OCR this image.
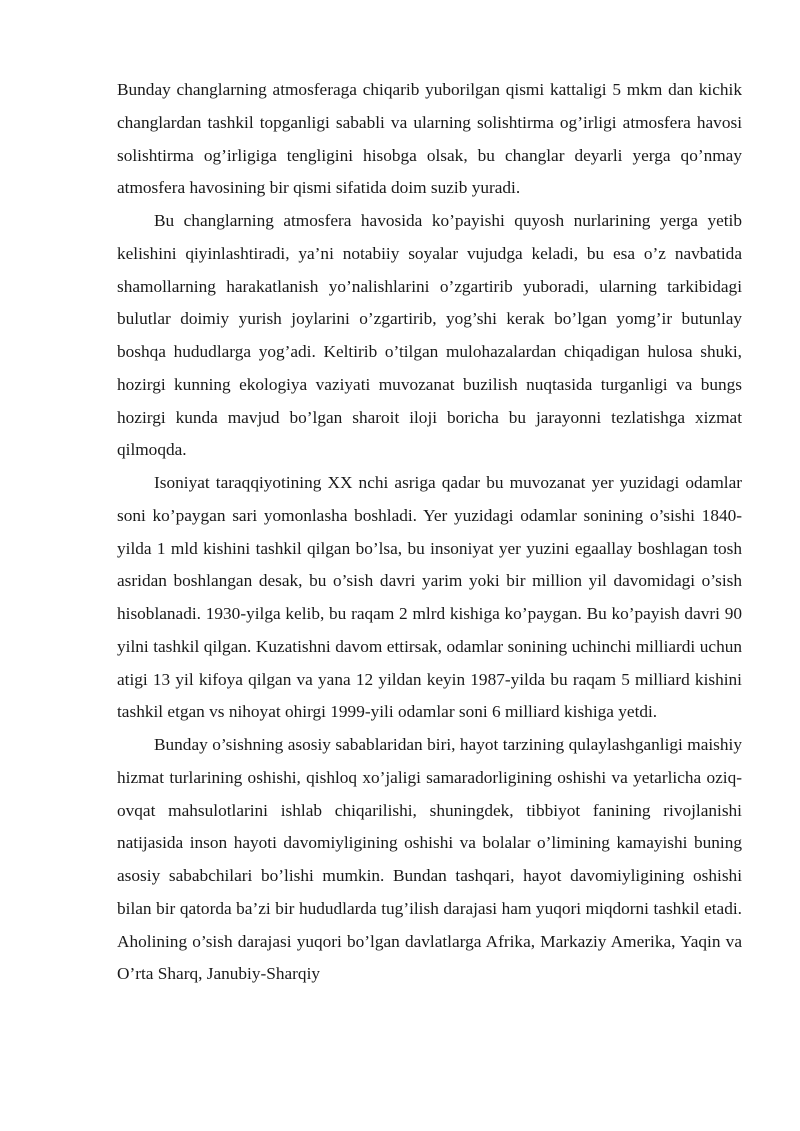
Bunday changlarning atmosferaga chiqarib yuborilgan qismi kattaligi 5 mkm dan kichik changlardan tashkil topganligi sababli va ularning solishtirma og’irligi atmosfera havosi solishtirma og’irligiga tengligini hisobga olsak, bu changlar deyarli yerga qo’nmay atmosfera havosining bir qismi sifatida doim suzib yuradi.

Bu changlarning atmosfera havosida ko’payishi quyosh nurlarining yerga yetib kelishini qiyinlashtiradi, ya’ni notabiiy soyalar vujudga keladi, bu esa o’z navbatida shamollarning harakatlanish yo’nalishlarini o’zgartirib yuboradi, ularning tarkibidagi bulutlar doimiy yurish joylarini o’zgartirib, yog’shi kerak bo’lgan yomg’ir butunlay boshqa hududlarga yog’adi. Keltirib o’tilgan mulohazalardan chiqadigan hulosa shuki, hozirgi kunning ekologiya vaziyati muvozanat buzilish nuqtasida turganligi va bungs hozirgi kunda mavjud bo’lgan sharoit iloji boricha bu jarayonni tezlatishga xizmat qilmoqda.

Isoniyat taraqqiyotining XX nchi asriga qadar bu muvozanat yer yuzidagi odamlar soni ko’paygan sari yomonlasha boshladi. Yer yuzidagi odamlar sonining o’sishi 1840-yilda 1 mld kishini tashkil qilgan bo’lsa, bu insoniyat yer yuzini egaallay boshlagan tosh asridan boshlangan desak, bu o’sish davri yarim yoki bir million yil davomidagi o’sish hisoblanadi. 1930-yilga kelib, bu raqam 2 mlrd kishiga ko’paygan. Bu ko’payish davri 90 yilni tashkil qilgan. Kuzatishni davom ettirsak, odamlar sonining uchinchi milliardi uchun atigi 13 yil kifoya qilgan va yana 12 yildan keyin 1987-yilda bu raqam 5 milliard kishini tashkil etgan vs nihoyat ohirgi 1999-yili odamlar soni 6 milliard kishiga yetdi.

Bunday o’sishning asosiy sabablaridan biri, hayot tarzining qulaylashganligi maishiy hizmat turlarining oshishi, qishloq xo’jaligi samaradorligining oshishi va yetarlicha oziq-ovqat mahsulotlarini ishlab chiqarilishi, shuningdek, tibbiyot fanining rivojlanishi natijasida inson hayoti davomiyligining oshishi va bolalar o’limining kamayishi buning asosiy sababchilari bo’lishi mumkin. Bundan tashqari, hayot davomiyligining oshishi bilan bir qatorda ba’zi bir hududlarda tug’ilish darajasi ham yuqori miqdorni tashkil etadi. Aholining o’sish darajasi yuqori bo’lgan davlatlarga Afrika, Markaziy Amerika, Yaqin va O’rta Sharq, Janubiy-Sharqiy
